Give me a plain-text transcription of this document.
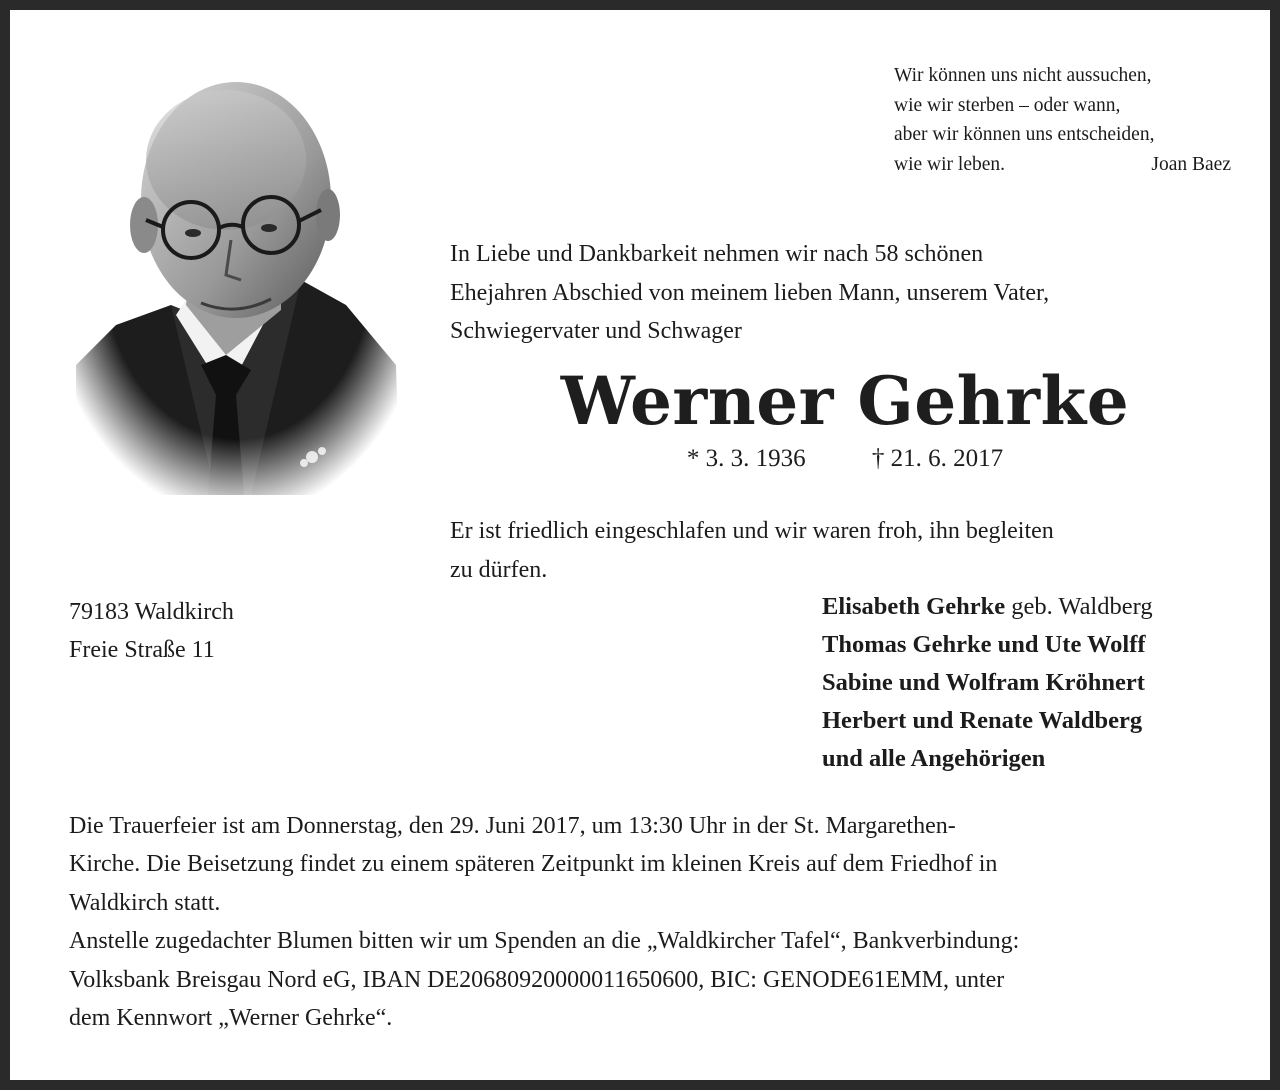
Wir können uns nicht aussuchen,
wie wir sterben – oder wann,
aber wir können uns entscheiden,
wie wir leben.	Joan Baez
In Liebe und Dankbarkeit nehmen wir nach 58 schönen
Ehejahren Abschied von meinem lieben Mann, unserem Vater,
Schwiegervater und Schwager
Werner Gehrke
* 3. 3. 1936	† 21. 6. 2017
Er ist friedlich eingeschlafen und wir waren froh, ihn begleiten
zu dürfen.
79183 Waldkirch
Freie Straße 11
Elisabeth Gehrke geb. Waldberg
Thomas Gehrke und Ute Wolff
Sabine und Wolfram Kröhnert
Herbert und Renate Waldberg
und alle Angehörigen
Die Trauerfeier ist am Donnerstag, den 29. Juni 2017, um 13:30 Uhr in der St. Margarethen-
Kirche. Die Beisetzung findet zu einem späteren Zeitpunkt im kleinen Kreis auf dem Friedhof in
Waldkirch statt.
Anstelle zugedachter Blumen bitten wir um Spenden an die „Waldkircher Tafel“, Bankverbindung:
Volksbank Breisgau Nord eG, IBAN DE20680920000011650600, BIC: GENODE61EMM, unter
dem Kennwort „Werner Gehrke“.
